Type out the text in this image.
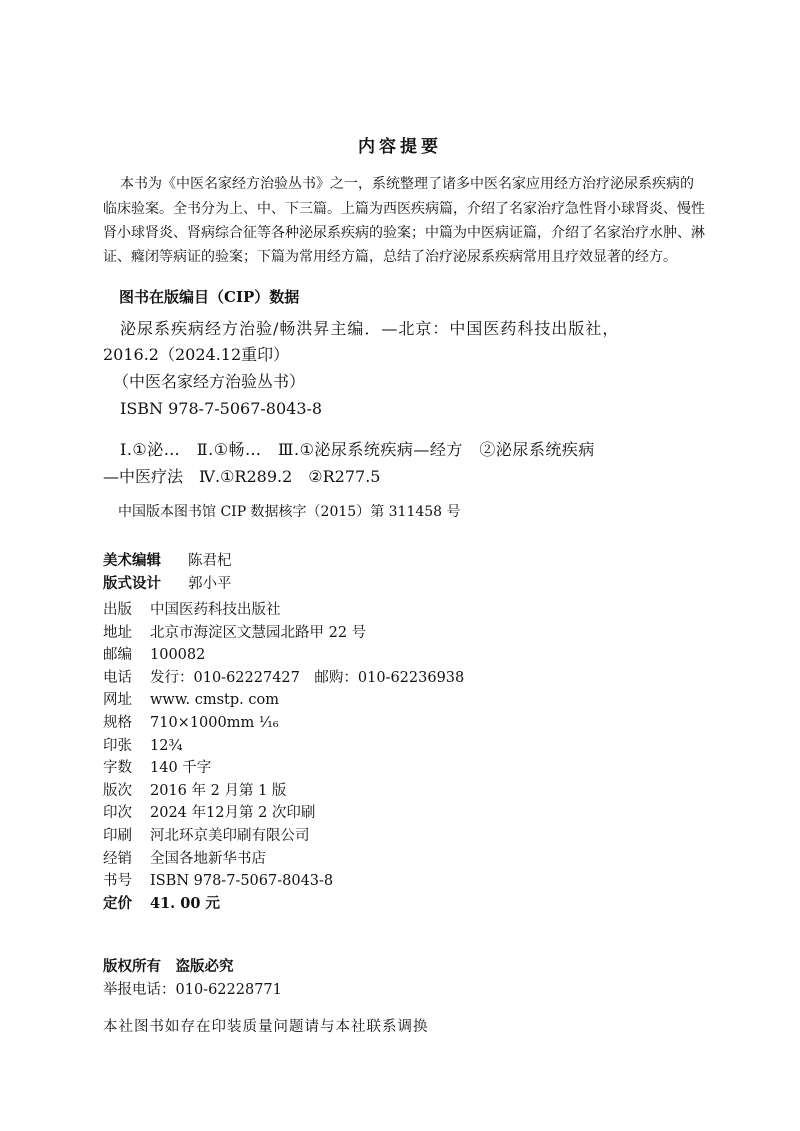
内容提要
本书为《中医名家经方治验丛书》之一，系统整理了诸多中医名家应用经方治疗泌尿系疾病的
临床验案。全书分为上、中、下三篇。上篇为西医疾病篇，介绍了名家治疗急性肾小球肾炎、慢性
肾小球肾炎、肾病综合征等各种泌尿系疾病的验案；中篇为中医病证篇，介绍了名家治疗水肿、淋
证、癃闭等病证的验案；下篇为常用经方篇，总结了治疗泌尿系疾病常用且疗效显著的经方。
图书在版编目（CIP）数据
泌尿系疾病经方治验/畅洪昇主编．—北京：中国医药科技出版社，
2016.2（2024.12重印）
（中医名家经方治验丛书）
ISBN 978-7-5067-8043-8
Ⅰ.①泌…　Ⅱ.①畅…　Ⅲ.①泌尿系统疾病—经方　②泌尿系统疾病
—中医疗法　Ⅳ.①R289.2　②R277.5
中国版本图书馆 CIP 数据核字（2015）第 311458 号
美术编辑 陈君杞
版式设计 郭小平
出版 中国医药科技出版社
地址 北京市海淀区文慧园北路甲 22 号
邮编 100082
电话 发行：010-62227427　邮购：010-62236938
网址 www. cmstp. com
规格 710×1000mm ⅟₁₆
印张 12¾
字数 140 千字
版次 2016 年 2 月第 1 版
印次 2024 年12月第 2 次印刷
印刷 河北环京美印刷有限公司
经销 全国各地新华书店
书号 ISBN 978-7-5067-8043-8
定价 41. 00 元
版权所有　盗版必究
举报电话：010-62228771
本社图书如存在印装质量问题请与本社联系调换
